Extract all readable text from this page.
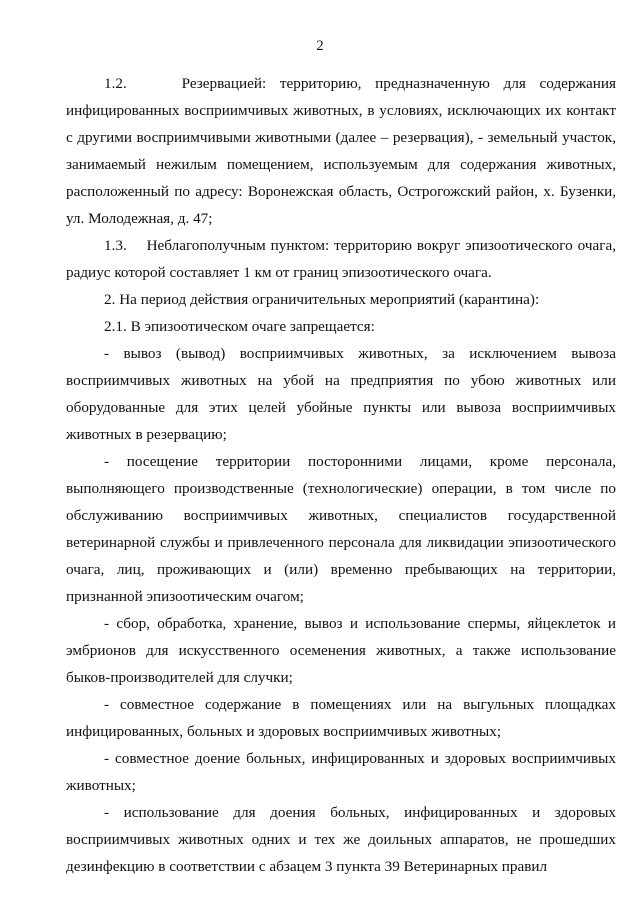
2

1.2.    Резервацией: территорию, предназначенную для содержания инфицированных восприимчивых животных, в условиях, исключающих их контакт с другими восприимчивыми животными (далее – резервация), - земельный участок, занимаемый нежилым помещением, используемым для содержания животных, расположенный по адресу: Воронежская область, Острогожский район, х. Бузенки, ул. Молодежная, д. 47;

1.3.    Неблагополучным пунктом: территорию вокруг эпизоотического очага, радиус которой составляет 1 км от границ эпизоотического очага.

2. На период действия ограничительных мероприятий (карантина):

2.1. В эпизоотическом очаге запрещается:

- вывоз (вывод) восприимчивых животных, за исключением вывоза восприимчивых животных на убой на предприятия по убою животных или оборудованные для этих целей убойные пункты или вывоза восприимчивых животных в резервацию;

- посещение территории посторонними лицами, кроме персонала, выполняющего производственные (технологические) операции, в том числе по обслуживанию восприимчивых животных, специалистов государственной ветеринарной службы и привлеченного персонала для ликвидации эпизоотического очага, лиц, проживающих и (или) временно пребывающих на территории, признанной эпизоотическим очагом;

- сбор, обработка, хранение, вывоз и использование спермы, яйцеклеток и эмбрионов для искусственного осеменения животных, а также использование быков-производителей для случки;

- совместное содержание в помещениях или на выгульных площадках инфицированных, больных и здоровых восприимчивых животных;

- совместное доение больных, инфицированных и здоровых восприимчивых животных;

- использование для доения больных, инфицированных и здоровых восприимчивых животных одних и тех же доильных аппаратов, не прошедших дезинфекцию в соответствии с абзацем 3 пункта 39 Ветеринарных правил
